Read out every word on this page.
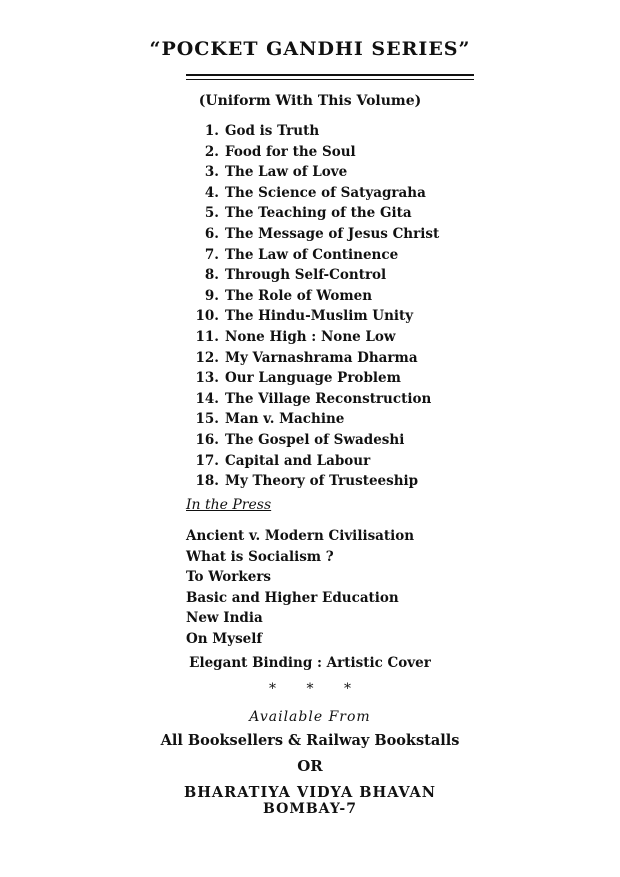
“POCKET GANDHI SERIES”
(Uniform With This Volume)
1. God is Truth
2. Food for the Soul
3. The Law of Love
4. The Science of Satyagraha
5. The Teaching of the Gita
6. The Message of Jesus Christ
7. The Law of Continence
8. Through Self-Control
9. The Role of Women
10. The Hindu-Muslim Unity
11. None High : None Low
12. My Varnashrama Dharma
13. Our Language Problem
14. The Village Reconstruction
15. Man v. Machine
16. The Gospel of Swadeshi
17. Capital and Labour
18. My Theory of Trusteeship
In the Press
Ancient v. Modern Civilisation
What is Socialism ?
To Workers
Basic and Higher Education
New India
On Myself
Elegant Binding : Artistic Cover
* * *
Available From
All Booksellers & Railway Bookstalls
OR
BHARATIYA VIDYA BHAVAN
BOMBAY-7
